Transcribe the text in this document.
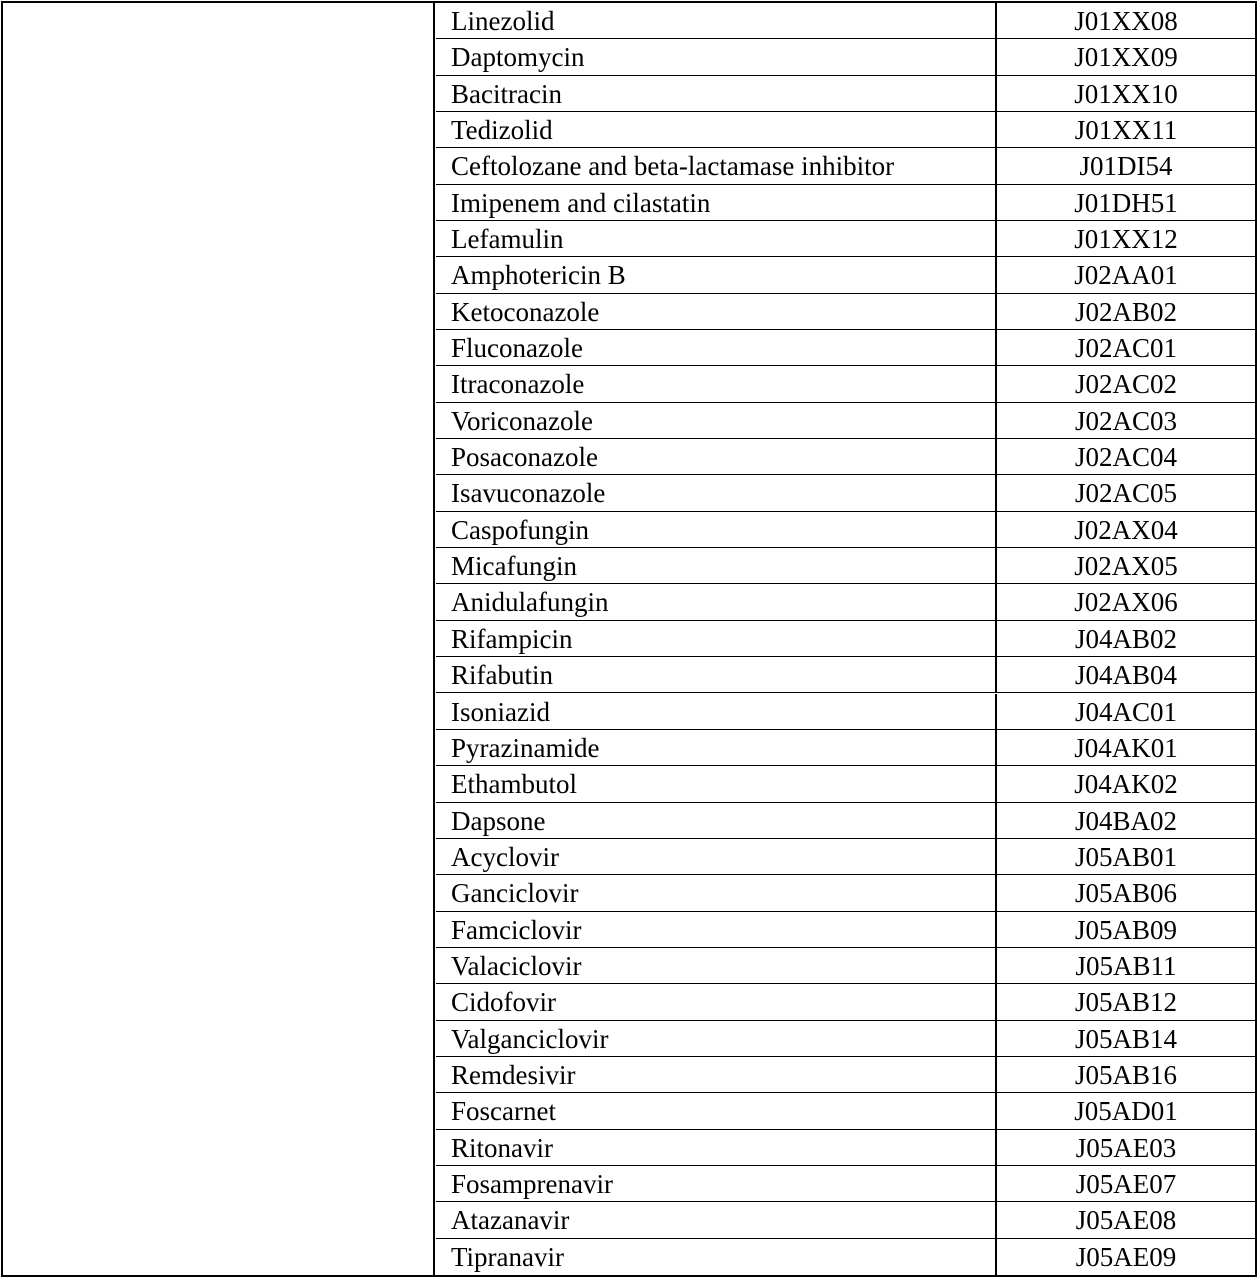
Linezolid	J01XX08
Daptomycin	J01XX09
Bacitracin	J01XX10
Tedizolid	J01XX11
Ceftolozane and beta-lactamase inhibitor	J01DI54
Imipenem and cilastatin	J01DH51
Lefamulin	J01XX12
Amphotericin B	J02AA01
Ketoconazole	J02AB02
Fluconazole	J02AC01
Itraconazole	J02AC02
Voriconazole	J02AC03
Posaconazole	J02AC04
Isavuconazole	J02AC05
Caspofungin	J02AX04
Micafungin	J02AX05
Anidulafungin	J02AX06
Rifampicin	J04AB02
Rifabutin	J04AB04
Isoniazid	J04AC01
Pyrazinamide	J04AK01
Ethambutol	J04AK02
Dapsone	J04BA02
Acyclovir	J05AB01
Ganciclovir	J05AB06
Famciclovir	J05AB09
Valaciclovir	J05AB11
Cidofovir	J05AB12
Valganciclovir	J05AB14
Remdesivir	J05AB16
Foscarnet	J05AD01
Ritonavir	J05AE03
Fosamprenavir	J05AE07
Atazanavir	J05AE08
Tipranavir	J05AE09
